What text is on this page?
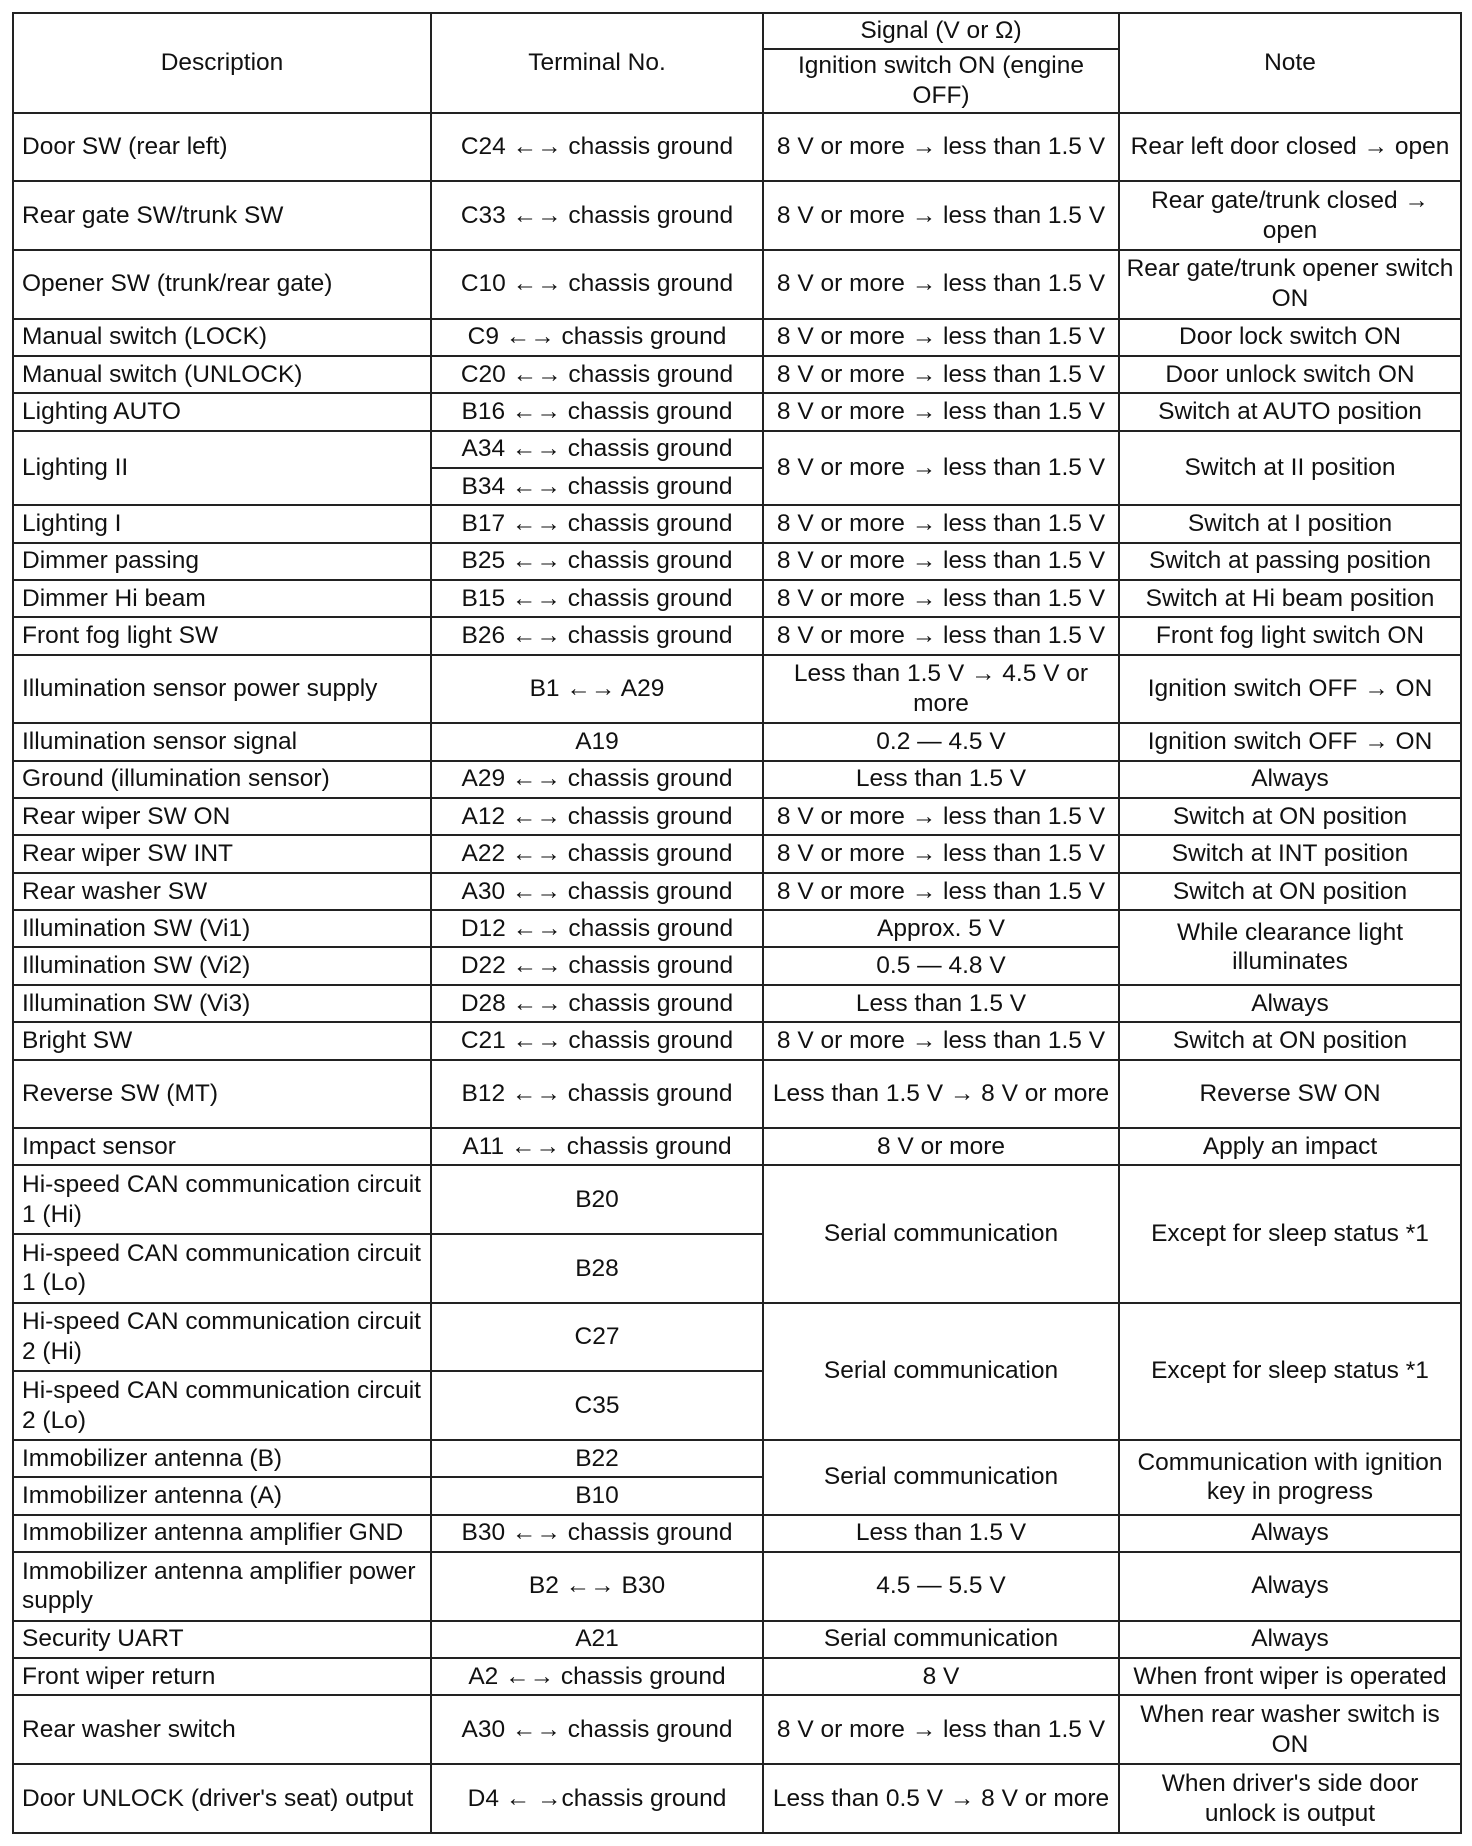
Description	Terminal No.	Signal (V or Ω)	Note
		Ignition switch ON (engine OFF)	
Door SW (rear left)	C24 ←→ chassis ground	8 V or more → less than 1.5 V	Rear left door closed → open
Rear gate SW/trunk SW	C33 ←→ chassis ground	8 V or more → less than 1.5 V	Rear gate/trunk closed → open
Opener SW (trunk/rear gate)	C10 ←→ chassis ground	8 V or more → less than 1.5 V	Rear gate/trunk opener switch ON
Manual switch (LOCK)	C9 ←→ chassis ground	8 V or more → less than 1.5 V	Door lock switch ON
Manual switch (UNLOCK)	C20 ←→ chassis ground	8 V or more → less than 1.5 V	Door unlock switch ON
Lighting AUTO	B16 ←→ chassis ground	8 V or more → less than 1.5 V	Switch at AUTO position
Lighting II	A34 ←→ chassis ground	8 V or more → less than 1.5 V	Switch at II position
	B34 ←→ chassis ground		
Lighting I	B17 ←→ chassis ground	8 V or more → less than 1.5 V	Switch at I position
Dimmer passing	B25 ←→ chassis ground	8 V or more → less than 1.5 V	Switch at passing position
Dimmer Hi beam	B15 ←→ chassis ground	8 V or more → less than 1.5 V	Switch at Hi beam position
Front fog light SW	B26 ←→ chassis ground	8 V or more → less than 1.5 V	Front fog light switch ON
Illumination sensor power supply	B1 ←→ A29	Less than 1.5 V → 4.5 V or more	Ignition switch OFF → ON
Illumination sensor signal	A19	0.2 — 4.5 V	Ignition switch OFF → ON
Ground (illumination sensor)	A29 ←→ chassis ground	Less than 1.5 V	Always
Rear wiper SW ON	A12 ←→ chassis ground	8 V or more → less than 1.5 V	Switch at ON position
Rear wiper SW INT	A22 ←→ chassis ground	8 V or more → less than 1.5 V	Switch at INT position
Rear washer SW	A30 ←→ chassis ground	8 V or more → less than 1.5 V	Switch at ON position
Illumination SW (Vi1)	D12 ←→ chassis ground	Approx. 5 V	While clearance light illuminates
Illumination SW (Vi2)	D22 ←→ chassis ground	0.5 — 4.8 V	
Illumination SW (Vi3)	D28 ←→ chassis ground	Less than 1.5 V	Always
Bright SW	C21 ←→ chassis ground	8 V or more → less than 1.5 V	Switch at ON position
Reverse SW (MT)	B12 ←→ chassis ground	Less than 1.5 V → 8 V or more	Reverse SW ON
Impact sensor	A11 ←→ chassis ground	8 V or more	Apply an impact
Hi-speed CAN communication circuit 1 (Hi)	B20	Serial communication	Except for sleep status *1
Hi-speed CAN communication circuit 1 (Lo)	B28		
Hi-speed CAN communication circuit 2 (Hi)	C27	Serial communication	Except for sleep status *1
Hi-speed CAN communication circuit 2 (Lo)	C35		
Immobilizer antenna (B)	B22	Serial communication	Communication with ignition key in progress
Immobilizer antenna (A)	B10		
Immobilizer antenna amplifier GND	B30 ←→ chassis ground	Less than 1.5 V	Always
Immobilizer antenna amplifier power supply	B2 ←→ B30	4.5 — 5.5 V	Always
Security UART	A21	Serial communication	Always
Front wiper return	A2 ←→ chassis ground	8 V	When front wiper is operated
Rear washer switch	A30 ←→ chassis ground	8 V or more → less than 1.5 V	When rear washer switch is ON
Door UNLOCK (driver's seat) output	D4 ← →chassis ground	Less than 0.5 V → 8 V or more	When driver's side door unlock is output
